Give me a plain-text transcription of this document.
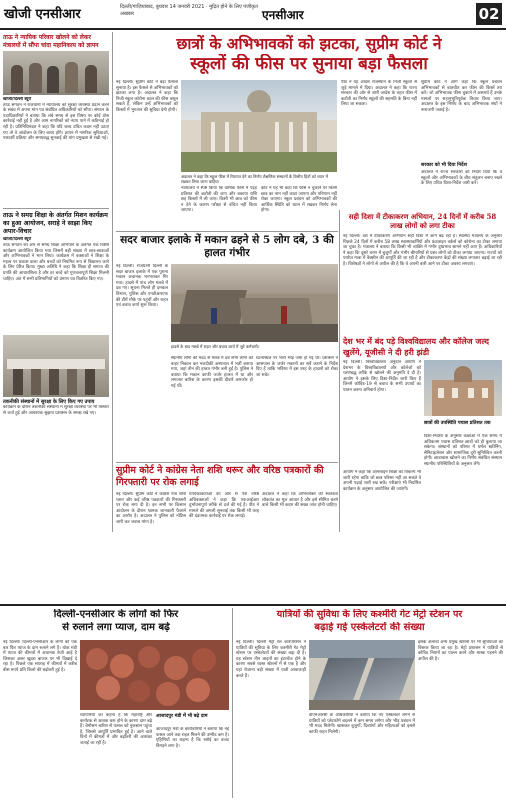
खोजी एनसीआर	दिल्ली/गाज़ियाबाद, बुधवार 14 जनवरी 2021 · मुद्रित होने के लिए पंजीकृत अखबार	एनसीआर	02
ताऊ ने न्यायिक परिवार खोलने को लेकर मंत्रालयों में सौंपा चांदा महानिकाय को ज्ञापन
खोजी/दिल्ली ब्यूरो
ताऊ संगठन ने राजधानी में न्यायालय को सुरक्षा व्यवस्था प्रदान करने के संबंध में अपना मांग पत्र संबंधित अधिकारियों को सौंपा। संगठन के पदाधिकारियों ने बताया कि लंबे समय से इस विषय पर कोई ठोस कार्रवाई नहीं हुई है और आम नागरिकों को न्याय पाने में कठिनाई हो रही है। प्रतिनिधिमंडल ने कहा कि यदि जल्द उचित कदम नहीं उठाए गए तो वे आंदोलन के लिए बाध्य होंगे। ज्ञापन में नागरिक सुविधाओं, पारदर्शी प्रक्रिया और समयबद्ध सुनवाई की मांग प्रमुखता से रखी गई।
ताऊ ने समग्र शिक्षा के अंतर्गत मिशन कार्यक्रम का हुआ आयोजन, सराहे ने साझा किए अपार-विचार
खोजी/दिल्ली ब्यूरो
ताऊ संगठन की ओर से समग्र शिक्षा अभियान के अंतर्गत एक विशेष कार्यक्रम आयोजित किया गया जिसमें बड़ी संख्या में छात्र-छात्राओं और अभिभावकों ने भाग लिया। कार्यक्रम में वक्ताओं ने शिक्षा के महत्व पर प्रकाश डाला और बच्चों को नियमित रूप से विद्यालय जाने के लिए प्रेरित किया। मुख्य अतिथि ने कहा कि शिक्षा ही समाज की प्रगति की आधारशिला है और हर बच्चे को गुणवत्तापूर्ण शिक्षा मिलनी चाहिए। अंत में सभी प्रतिभागियों को प्रमाण पत्र वितरित किए गए।
तकनीकी संस्थानों में सुरक्षा के लिए किए गए उपाय
कार्यक्रम के दौरान तकनीकी संस्थानों में सुरक्षा व्यवस्था पर भी विस्तार से चर्चा हुई और आवश्यक सुझाव प्रशासन के समक्ष रखे गए।
छात्रों के अभिभावकों को झटका, सुप्रीम कोर्ट ने
स्कूलों की फीस पर सुनाया बड़ा फैसला
नई दिल्ली। सुप्रीम कोर्ट ने बड़ा फैसला सुनाया है। इस फैसले से अभिभावकों को झटका लगा है। अदालत ने कहा कि निजी स्कूल कोरोना काल की फीस वसूल सकते हैं, लेकिन उन्हें अभिभावकों को किस्तों में भुगतान की सुविधा देनी होगी।
अदालत ने कहा कि स्कूल फीस में रियायत देने का निर्णय शैक्षणिक संस्थानों के वित्तीय हितों को ध्यान में रखकर लिया जाना चाहिए।
न्यायालय ने स्पष्ट किया कि वार्षिक फीस में पंद्रह प्रतिशत की कटौती की जाए और बकाया राशि छह किस्तों में ली जाए। किसी भी छात्र को फीस न देने के कारण परीक्षा से वंचित नहीं किया जाएगा।
कोर्ट ने यह भी कहा कि फीस न चुकाने पर किसी छात्र का नाम नहीं काटा जाएगा और परिणाम नहीं रोका जाएगा। स्कूल प्रबंधन को अभिभावकों की आर्थिक स्थिति को ध्यान में रखकर निर्णय लेना होगा।
पीठ ने यह आदेश राजस्थान के निजी स्कूलों से जुड़े मामले में दिया। अदालत ने कहा कि राज्य सरकार की ओर से जारी आदेश के तहत फीस में कटौती का निर्णय स्कूलों की सहमति के बिना नहीं लिया जा सकता।
सुप्रीम कोर्ट ने आगे कहा कि स्कूल प्रबंधन अभिभावकों से बातचीत कर फीस की किस्तें तय करें। जो अभिभावक फीस चुकाने में असमर्थ हैं उनके मामलों पर सहानुभूतिपूर्वक विचार किया जाए। अदालत के इस निर्णय के बाद अभिभावक संघों ने नाराजगी जताई है।
सरकार को भी दिया निर्देश
अदालत ने राज्य सरकारों को निर्देश दिया कि वे स्कूलों और अभिभावकों के बीच संतुलन बनाए रखने के लिए उचित दिशा-निर्देश जारी करें।
सदर बाजार इलाके में मकान ढहने से 5 लोग दबे, 3 की हालत गंभीर
नई दिल्ली। राजधानी दिल्ली के सदर बाजार इलाके में एक पुराना मकान अचानक भरभराकर गिर गया। हादसे में पांच लोग मलबे में दब गए। सूचना मिलते ही दमकल विभाग, पुलिस और एनडीआरएफ की टीमें मौके पर पहुंचीं और राहत एवं बचाव कार्य शुरू किया।
हादसे के बाद मलबे में राहत और बचाव कार्य में जुटे कर्मचारी।
स्थानीय लोगों की मदद से मलबे में दबे सभी लोगों को बाहर निकाल कर नजदीकी अस्पताल में भर्ती कराया गया, जहां तीन की हालत गंभीर बनी हुई है। पुलिस ने बताया कि मकान काफी जर्जर हालत में था और लगातार बारिश के कारण इसकी दीवारें कमजोर हो गई थीं।
घटनास्थल पर भारी भीड़ जमा हो गई थी। प्रशासन ने आसपास के जर्जर मकानों का सर्वे कराने के निर्देश दिए हैं ताकि भविष्य में इस तरह के हादसों को रोका जा सके।
सही दिशा में टीकाकरण अभियान, 24 दिनों में करीब 58 लाख लोगों को लगा टीका
नई दिल्ली। देश में टीकाकरण अभियान सही दिशा में आगे बढ़ रहा है। स्वास्थ्य मंत्रालय के अनुसार पिछले 24 दिनों में करीब 58 लाख स्वास्थ्यकर्मियों और फ्रंटलाइन वर्कर्स को कोरोना का टीका लगाया जा चुका है। मंत्रालय ने बताया कि किसी भी व्यक्ति में गंभीर दुष्प्रभाव सामने नहीं आए हैं। अधिकारियों ने कहा कि दूसरे चरण में बुजुर्गों और गंभीर बीमारियों से ग्रस्त लोगों को टीका लगाया जाएगा। राज्यों को पर्याप्त मात्रा में वैक्सीन की आपूर्ति की जा रही है और टीकाकरण केंद्रों की संख्या लगातार बढ़ाई जा रही है। विशेषज्ञों ने लोगों से अपील की है कि वे अपनी बारी आने पर टीका अवश्य लगवाएं।
सुप्रीम कोर्ट ने कांग्रेस नेता शशि थरूर और वरिष्ठ पत्रकारों की गिरफ्तारी पर रोक लगाई
नई दिल्ली। सुप्रीम कोर्ट ने कांग्रेस नेता शशि थरूर और कई वरिष्ठ पत्रकारों की गिरफ्तारी पर रोक लगा दी है। इन सभी पर किसान आंदोलन के दौरान भ्रामक जानकारी फैलाने का आरोप है। अदालत ने पुलिस को नोटिस जारी कर जवाब मांगा है।
याचिकाकर्ताओं की ओर से पेश वरिष्ठ अधिवक्ताओं ने कहा कि एफआईआर दुर्भावनापूर्ण तरीके से दर्ज की गई है। पीठ ने मामले की अगली सुनवाई तक किसी भी तरह की दंडात्मक कार्रवाई पर रोक लगाई।
अदालत ने कहा कि अभिव्यक्ति की स्वतंत्रता लोकतंत्र का मूल आधार है और इसे सीमित करने वाले किसी भी कदम की सख्त जांच होनी चाहिए।
देश भर में बंद पड़े विश्वविद्यालय और कॉलेज जल्द खुलेंगे, यूजीसी ने दी हरी झंडी
नई दिल्ली। विश्वविद्यालय अनुदान आयोग ने देशभर के विश्वविद्यालयों और कॉलेजों को चरणबद्ध तरीके से खोलने की अनुमति दे दी है। आयोग ने इसके लिए दिशा-निर्देश जारी किए हैं जिनमें कोविड-19 से बचाव के सभी उपायों का पालन करना अनिवार्य होगा।
छात्रों की उपस्थिति पचास प्रतिशत तक
दिशा-निर्देशों के अनुसार कक्षाओं में एक समय में अधिकतम पचास प्रतिशत छात्रों को ही बुलाया जा सकेगा। संस्थानों को परिसर में थर्मल स्क्रीनिंग, सैनिटाइजेशन और सामाजिक दूरी सुनिश्चित करनी होगी। छात्रावास खोलने का निर्णय संबंधित संस्थान स्थानीय परिस्थितियों के अनुसार लेंगे।
आयोग ने कहा कि ऑनलाइन शिक्षा का विकल्प भी जारी रहेगा ताकि जो छात्र परिसर नहीं आ सकते वे अपनी पढ़ाई जारी रख सकें। परीक्षाएं भी निर्धारित कार्यक्रम के अनुसार आयोजित की जाएंगी।
दिल्ली-एनसीआर के लोगों को फिर
से रुलाने लगा प्याज, दाम बढ़े
नई दिल्ली। दिल्ली-एनसीआर के लोगों को एक बार फिर प्याज के दाम रुलाने लगे हैं। थोक मंडी में प्याज की कीमतों में अचानक तेजी आई है जिसका असर खुदरा बाजार पर भी दिखाई दे रहा है। पिछले एक सप्ताह में कीमतों में करीब बीस रुपये प्रति किलो की बढ़ोतरी हुई है।
व्यापारियों का कहना है कि महाराष्ट्र और कर्नाटक से आवक कम होने के कारण दाम बढ़े हैं। बेमौसम बारिश से फसल को नुकसान पहुंचा है, जिससे आपूर्ति प्रभावित हुई है। आने वाले दिनों में कीमतों में और बढ़ोतरी की आशंका जताई जा रही है।
आजादपुर मंडी में भी बढ़े दाम
आजादपुर मंडी के कारोबारियों ने बताया कि नई फसल आने तक राहत मिलने की उम्मीद कम है। गृहिणियों का कहना है कि रसोई का बजट बिगड़ने लगा है।
यात्रियों की सुविधा के लिए कश्मीरी गेट मेट्रो स्टेशन पर
बढ़ाई गई एस्केलेटरों की संख्या
नई दिल्ली। दिल्ली मेट्रो रेल कॉरपोरेशन ने यात्रियों की सुविधा के लिए कश्मीरी गेट मेट्रो स्टेशन पर एस्केलेटरों की संख्या बढ़ा दी है। यह स्टेशन तीन लाइनों का इंटरचेंज होने के कारण सबसे व्यस्त स्टेशनों में से एक है और यहां रोजाना बड़ी संख्या में यात्री आवाजाही करते हैं।
डीएमआरसी के अधिकारियों ने बताया कि नए एस्केलेटर लगने से यात्रियों को प्लेटफॉर्म बदलने में कम समय लगेगा और भीड़ प्रबंधन में भी मदद मिलेगी। खासकर बुजुर्गों, दिव्यांगों और महिलाओं को इससे काफी राहत मिलेगी।
इसके अलावा अन्य प्रमुख स्टेशनों पर भी सुविधाओं का विस्तार किया जा रहा है। मेट्रो प्रशासन ने यात्रियों से कोविड नियमों का पालन करने और मास्क पहनने की अपील की है।
